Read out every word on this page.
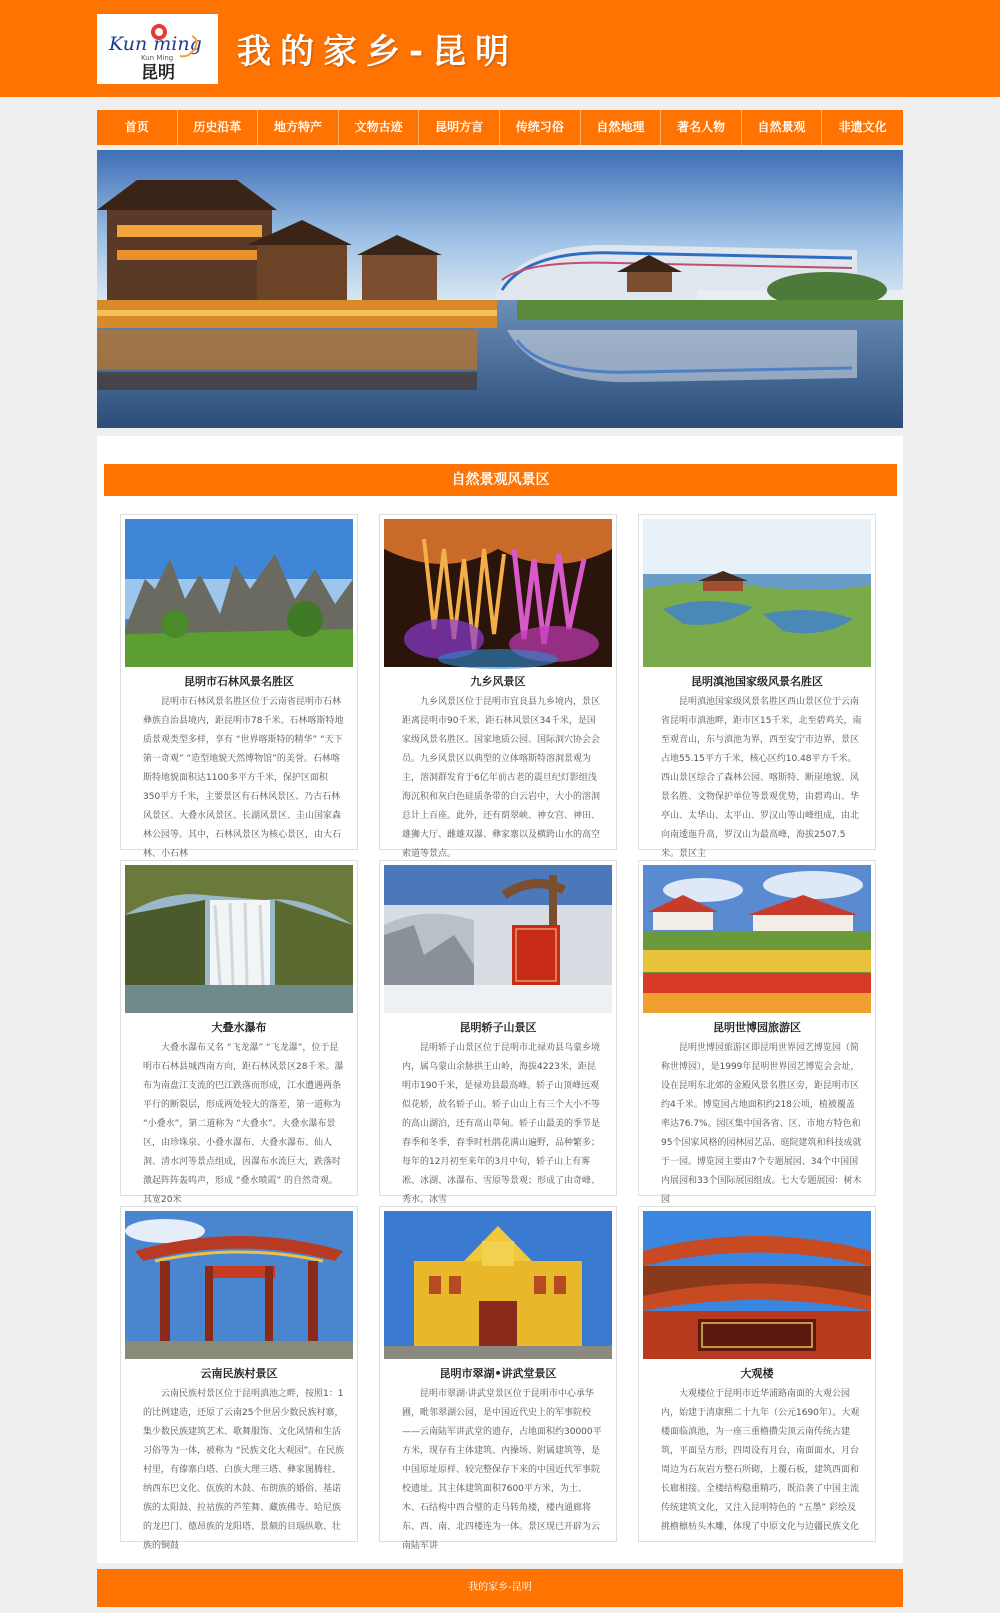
Kun ming
Kun Ming
昆明
我的家乡-昆明
首页	历史沿革	地方特产	文物古迹	昆明方言	传统习俗	自然地理	著名人物	自然景观	非遗文化
自然景观风景区
昆明市石林风景名胜区
昆明市石林风景名胜区位于云南省昆明市石林彝族自治县境内，距昆明市78千米。石林喀斯特地质景观类型多样，享有 “世界喀斯特的精华” “天下第一奇观” “造型地貌天然博物馆”的美誉。石林喀斯特地貌面积达1100多平方千米，保护区面积350平方千米，主要景区有石林风景区、乃古石林风景区、大叠水风景区、长湖风景区、圭山国家森林公园等。其中，石林风景区为核心景区，由大石林、小石林
九乡风景区
九乡风景区位于昆明市宜良县九乡境内，景区距离昆明市90千米，距石林风景区34千米，是国家级风景名胜区、国家地质公园、国际洞穴协会会员。九乡风景区以典型的立体喀斯特溶洞景观为主，溶洞群发育于6亿年前古老的震旦纪灯影组浅海沉积和灰白色硅质条带的白云岩中，大小的溶洞总计上百座。此外，还有荫翠峡、神女宫、神田、雄狮大厅、雌雄双瀑、彝家寨以及横跨山水的高空索道等景点。
昆明滇池国家级风景名胜区
昆明滇池国家级风景名胜区西山景区位于云南省昆明市滇池畔，距市区15千米，北至碧鸡关，南至观音山，东与滇池为界，西至安宁市边界，景区占地55.15平方千米，核心区约10.48平方千米。西山景区综合了森林公园、喀斯特、断崖地貌、风景名胜、文物保护单位等景观优势，由碧鸡山、华亭山、太华山、太平山、罗汉山等山峰组成，由北向南逶迤升高，罗汉山为最高峰，海拔2507.5米。景区主
大叠水瀑布
大叠水瀑布又名 “飞龙瀑” “飞龙瀑”，位于昆明市石林县城西南方向，距石林风景区28千米。瀑布为南盘江支流的巴江跌落而形成，江水遭遇两条平行的断裂层，形成两处较大的落差，第一道称为 “小叠水”，第二道称为 “大叠水”。大叠水瀑布景区，由珍珠泉、小叠水瀑布、大叠水瀑布、仙人洞、清水河等景点组成，因瀑布水流巨大，跌落时激起阵阵轰鸣声，形成 “叠水喷霞” 的自然奇观。其宽20米
昆明轿子山景区
昆明轿子山景区位于昆明市北禄劝县乌蒙乡境内，属乌蒙山余脉拱王山岭，海拔4223米，距昆明市190千米，是禄劝县最高峰。轿子山顶峰远观似花轿，故名轿子山。轿子山山上有三个大小不等的高山湖泊，还有高山草甸。轿子山最美的季节是春季和冬季，春季时杜鹃花满山遍野，品种繁多；每年的12月初至来年的3月中旬，轿子山上有雾凇、冰湖、冰瀑布、雪原等景观；形成了由奇峰、秀水、冰雪
昆明世博园旅游区
昆明世博园旅游区即昆明世界园艺博览园（简称世博园），是1999年昆明世界园艺博览会会址，设在昆明东北郊的金殿风景名胜区旁，距昆明市区约4千米。博览园占地面积约218公顷，植被覆盖率达76.7%。园区集中国各省、区、市地方特色和95个国家风格的园林园艺品、庭院建筑和科技成就于一园。博览园主要由7个专题展园、34个中国国内展园和33个国际展园组成。七大专题展园：树木园
云南民族村景区
云南民族村景区位于昆明滇池之畔，按照1：1的比例建造，还原了云南25个世居少数民族村寨，集少数民族建筑艺术、歌舞服饰、文化风情和生活习俗等为一体，被称为 “民族文化大观园”。在民族村里，有傣寨白塔、白族大理三塔、彝家图腾柱、纳西东巴文化、佤族的木鼓、布朗族的婚俗、基诺族的太阳鼓、拉祜族的芦笙舞、藏族佛寺、哈尼族的龙巴门、德昂族的龙阳塔、景颇的目瑙纵歌、壮族的铜鼓
昆明市翠湖•讲武堂景区
昆明市翠湖·讲武堂景区位于昆明市中心承华圃，毗邻翠湖公园，是中国近代史上的军事院校——云南陆军讲武堂的遗存，占地面积约30000平方米，现存有主体建筑、内操场、附属建筑等，是中国原址原样、较完整保存下来的中国近代军事院校遗址。其主体建筑面积7600平方米，为土、木、石结构中西合璧的走马转角楼，楼内通廊将东、西、南、北四楼连为一体。景区现已开辟为云南陆军讲
大观楼
大观楼位于昆明市近华浦路南面的大观公园内，始建于清康熙二十九年（公元1690年）。大观楼面临滇池，为一座三重檐攒尖顶云南传统古建筑，平面呈方形，四周设有月台，南面面水，月台周边为石灰岩方整石所砌，上覆石板，建筑西面和长廊相接。全楼结构稳重精巧，既沿袭了中国主流传统建筑文化，又注入昆明特色的 “五墨” 彩绘及挑檐檩枋头木雕，体现了中原文化与边疆民族文化
我的家乡-昆明
